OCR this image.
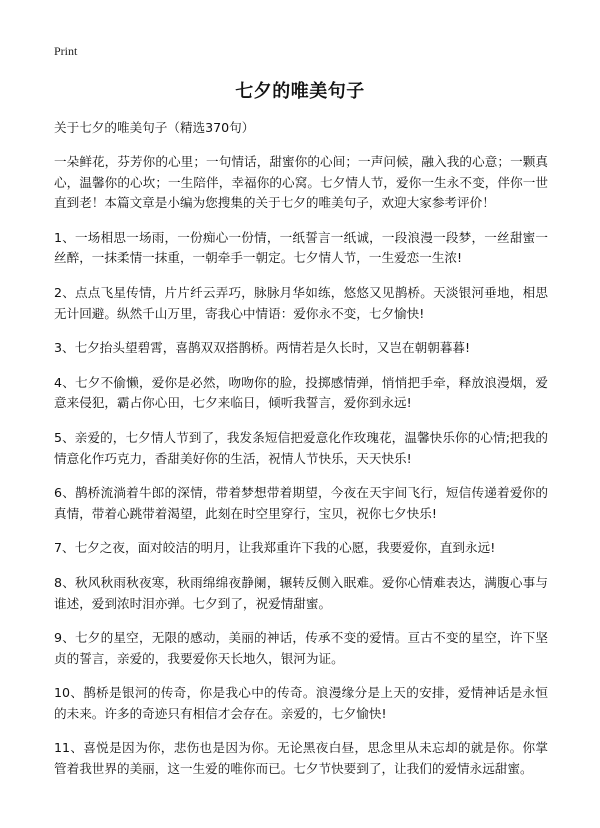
Print
七夕的唯美句子

关于七夕的唯美句子（精选370句）

一朵鲜花，芬芳你的心里；一句情话，甜蜜你的心间；一声问候，融入我的心意；一颗真心，温馨你的心坎；一生陪伴，幸福你的心窝。七夕情人节，爱你一生永不变，伴你一世直到老！本篇文章是小编为您搜集的关于七夕的唯美句子，欢迎大家参考评价！

1、一场相思一场雨，一份痴心一份情，一纸誓言一纸诚，一段浪漫一段梦，一丝甜蜜一丝醉，一抹柔情一抹重，一朝牵手一朝定。七夕情人节，一生爱恋一生浓!

2、点点飞星传情，片片纤云弄巧，脉脉月华如练，悠悠又见鹊桥。天淡银河垂地，相思无计回避。纵然千山万里，寄我心中情语：爱你永不变，七夕愉快!

3、七夕抬头望碧霄，喜鹊双双搭鹊桥。两情若是久长时，又岂在朝朝暮暮!

4、七夕不偷懒，爱你是必然，吻吻你的脸，投掷感情弹，悄悄把手牵，释放浪漫烟，爱意来侵犯，霸占你心田，七夕来临日，倾听我誓言，爱你到永远!

5、亲爱的，七夕情人节到了，我发条短信把爱意化作玫瑰花，温馨快乐你的心情;把我的情意化作巧克力，香甜美好你的生活，祝情人节快乐，天天快乐!

6、鹊桥流淌着牛郎的深情，带着梦想带着期望，今夜在天宇间飞行，短信传递着爱你的真情，带着心跳带着渴望，此刻在时空里穿行，宝贝，祝你七夕快乐!

7、七夕之夜，面对皎洁的明月，让我郑重许下我的心愿，我要爱你，直到永远!

8、秋风秋雨秋夜寒，秋雨绵绵夜静阑，辗转反侧入眠难。爱你心情难表达，满腹心事与谁述，爱到浓时泪亦弹。七夕到了，祝爱情甜蜜。

9、七夕的星空，无限的感动，美丽的神话，传承不变的爱情。亘古不变的星空，许下坚贞的誓言，亲爱的，我要爱你天长地久，银河为证。

10、鹊桥是银河的传奇，你是我心中的传奇。浪漫缘分是上天的安排，爱情神话是永恒的未来。许多的奇迹只有相信才会存在。亲爱的，七夕愉快!

11、喜悦是因为你，悲伤也是因为你。无论黑夜白昼，思念里从未忘却的就是你。你掌管着我世界的美丽，这一生爱的唯你而已。七夕节快要到了，让我们的爱情永远甜蜜。
